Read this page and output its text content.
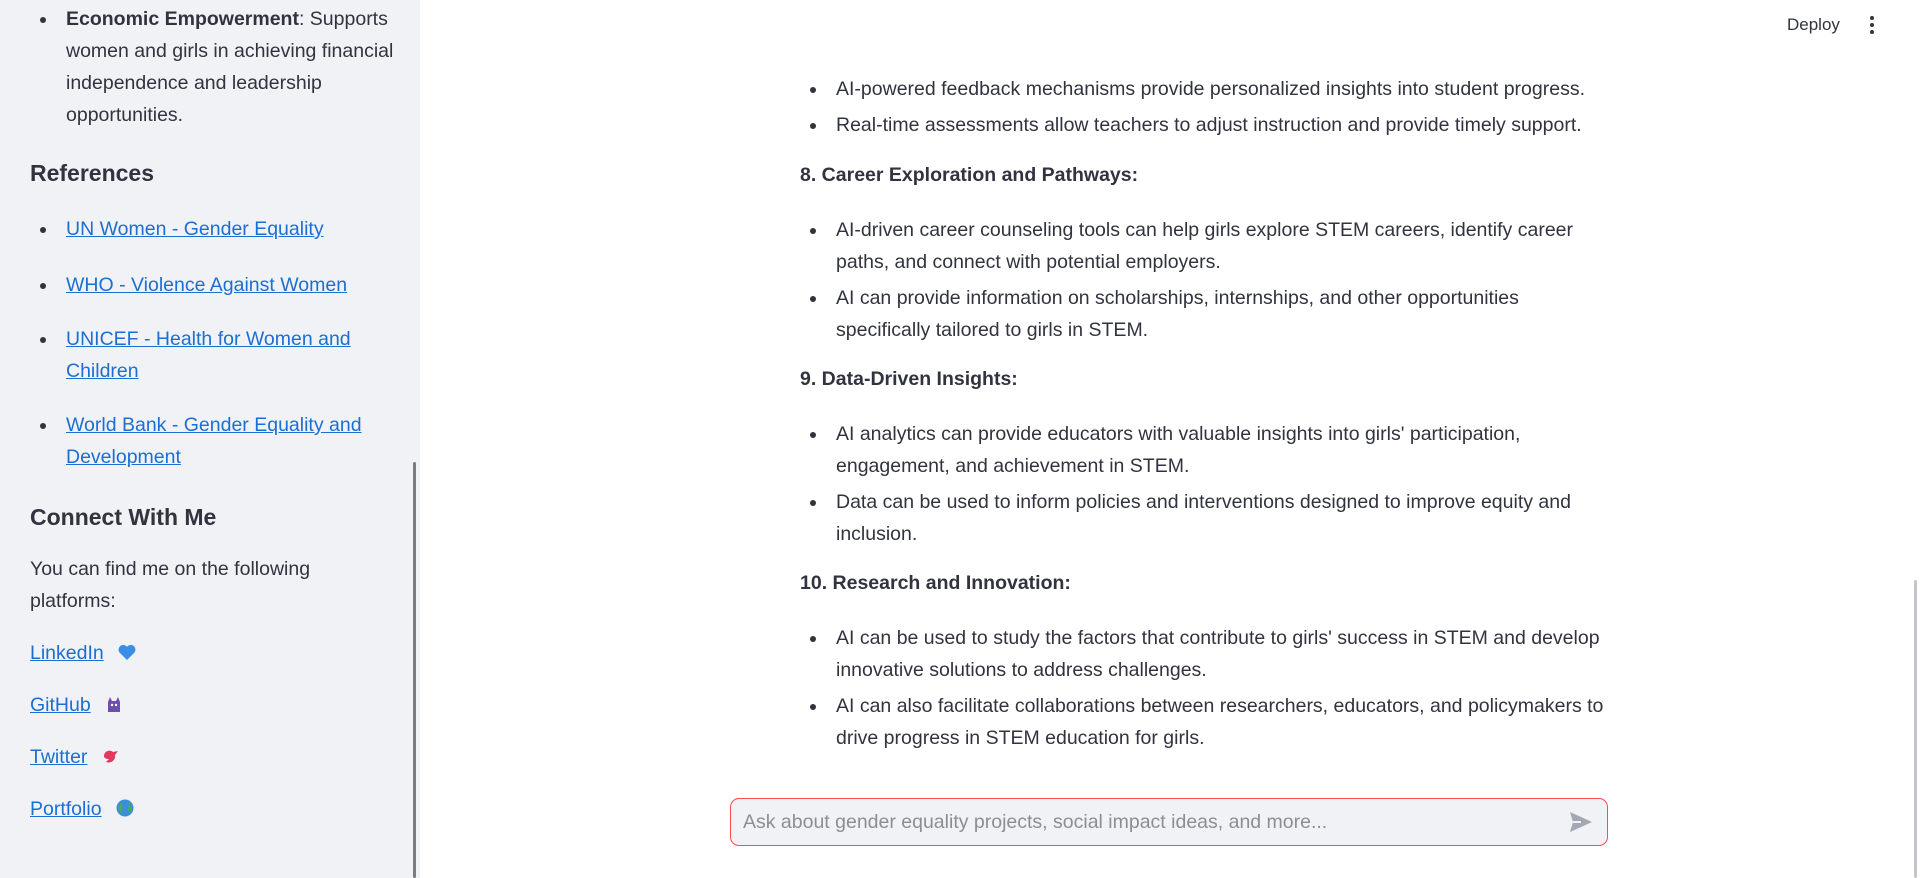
Economic Empowerment: Supports women and girls in achieving financial independence and leadership opportunities.
References
UN Women - Gender Equality
WHO - Violence Against Women
UNICEF - Health for Women and Children
World Bank - Gender Equality and Development
Connect With Me
You can find me on the following platforms:
LinkedIn
GitHub
Twitter
Portfolio
Deploy
AI-powered feedback mechanisms provide personalized insights into student progress.
Real-time assessments allow teachers to adjust instruction and provide timely support.
8. Career Exploration and Pathways:
AI-driven career counseling tools can help girls explore STEM careers, identify career paths, and connect with potential employers.
AI can provide information on scholarships, internships, and other opportunities specifically tailored to girls in STEM.
9. Data-Driven Insights:
AI analytics can provide educators with valuable insights into girls' participation, engagement, and achievement in STEM.
Data can be used to inform policies and interventions designed to improve equity and inclusion.
10. Research and Innovation:
AI can be used to study the factors that contribute to girls' success in STEM and develop innovative solutions to address challenges.
AI can also facilitate collaborations between researchers, educators, and policymakers to drive progress in STEM education for girls.
Ask about gender equality projects, social impact ideas, and more...
